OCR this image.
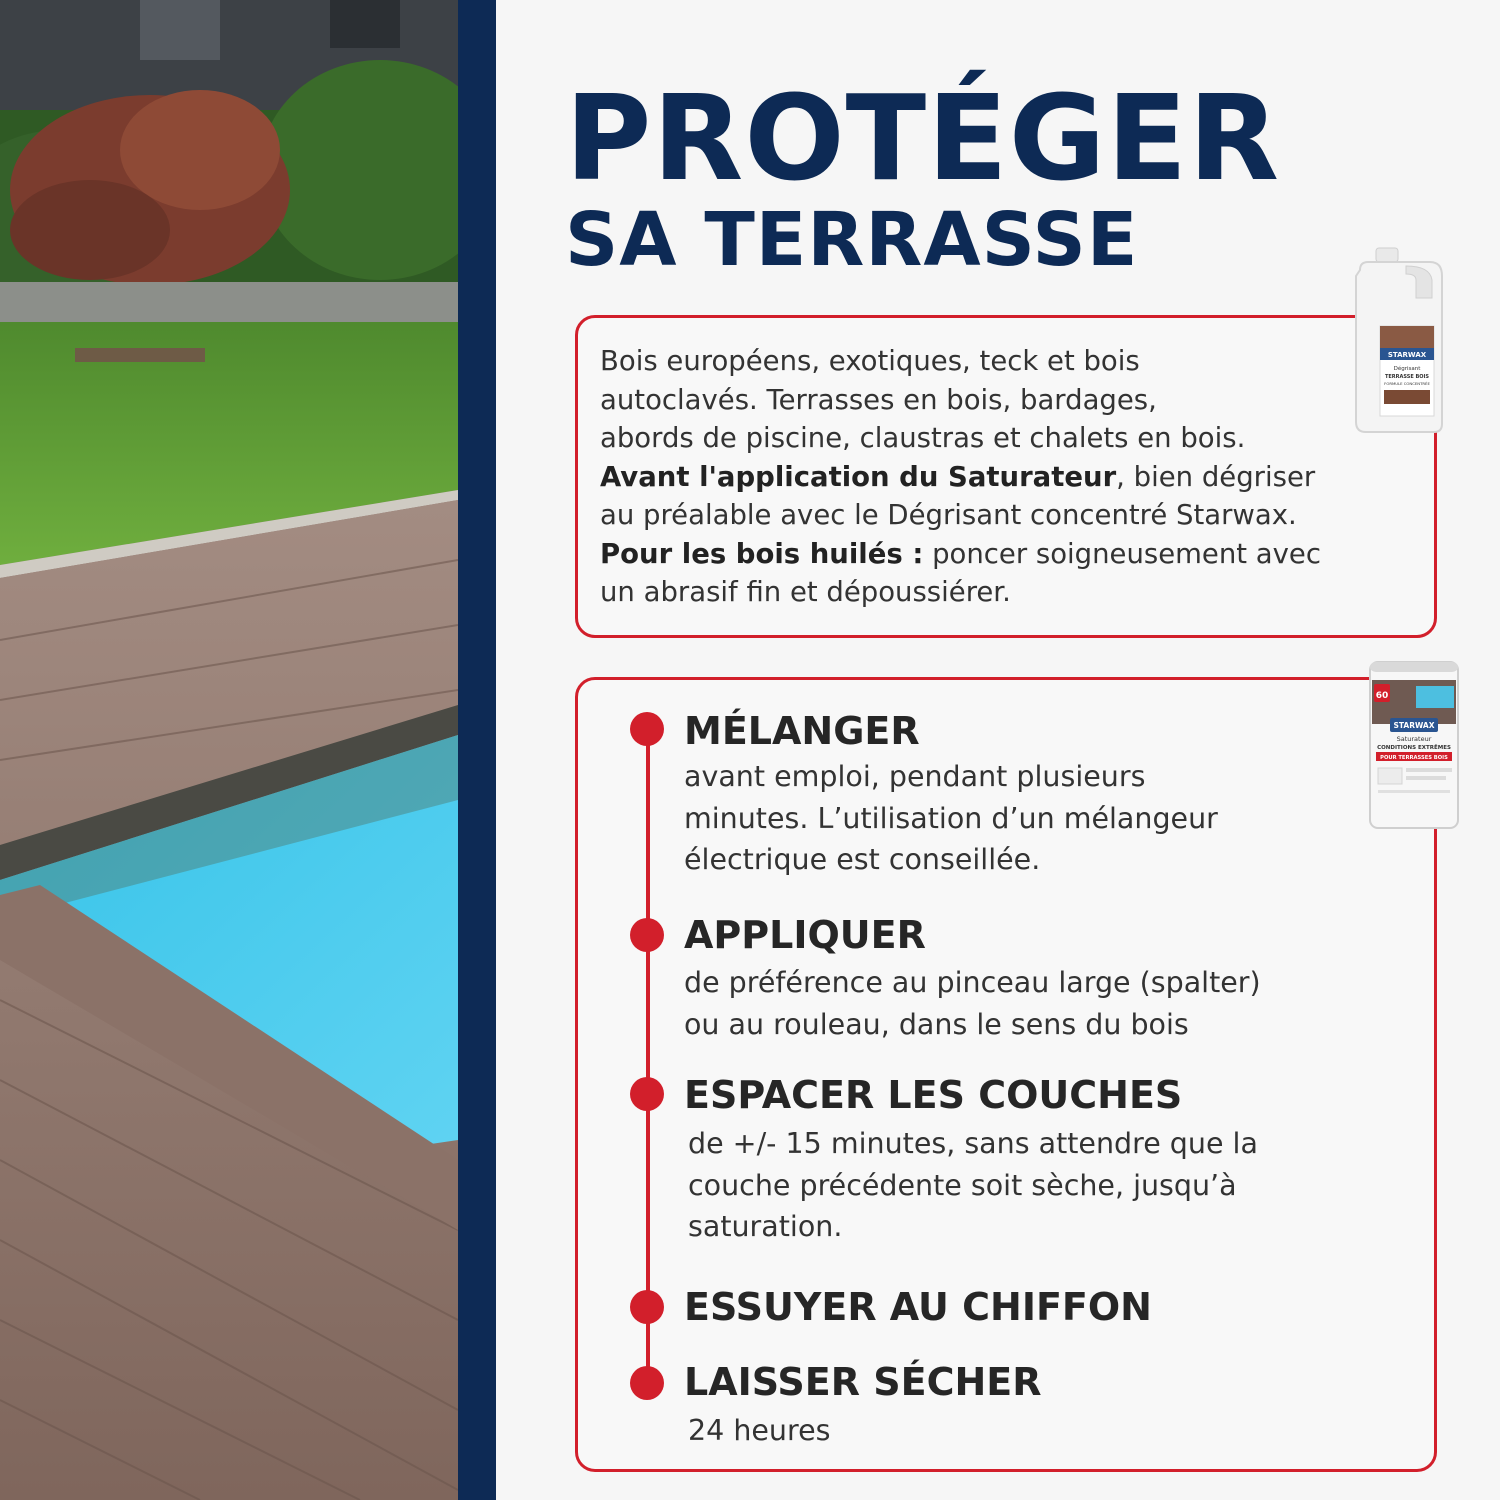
PROTÉGER
SA TERRASSE

Bois européens, exotiques, teck et bois
autoclavés. Terrasses en bois, bardages,
abords de piscine, claustras et chalets en bois.
Avant l'application du Saturateur, bien dégriser
au préalable avec le Dégrisant concentré Starwax.
Pour les bois huilés : poncer soigneusement avec
un abrasif fin et dépoussiérer.

STARWAX
Dégrisant
TERRASSE BOIS
FORMULE CONCENTRÉE
60
STARWAX
Saturateur
CONDITIONS EXTRÊMES
POUR TERRASSES BOIS
MÉLANGER

avant emploi, pendant plusieurs
minutes. L’utilisation d’un mélangeur
électrique est conseillée.

APPLIQUER

de préférence au pinceau large (spalter)
ou au rouleau, dans le sens du bois

ESPACER LES COUCHES

de +/- 15 minutes, sans attendre que la
couche précédente soit sèche, jusqu’à
saturation.

ESSUYER AU CHIFFON
LAISSER SÉCHER

24 heures
